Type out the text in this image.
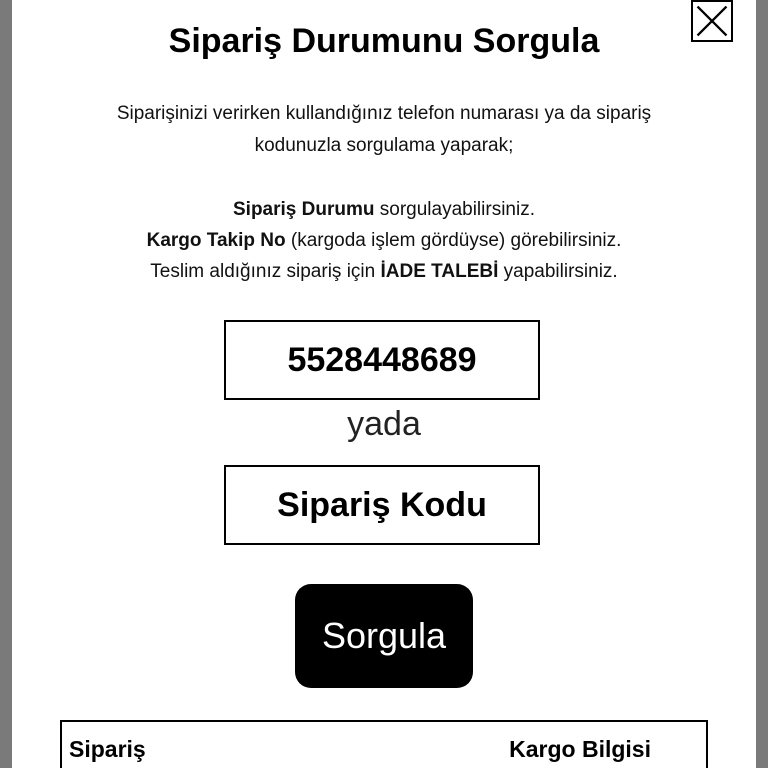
Sipariş Durumunu Sorgula
Siparişinizi verirken kullandığınız telefon numarası ya da sipariş kodunuzla sorgulama yaparak;
Sipariş Durumu sorgulayabilirsiniz.
Kargo Takip No (kargoda işlem gördüyse) görebilirsiniz.
Teslim aldığınız sipariş için İADE TALEBİ yapabilirsiniz.
5528448689
yada
Sipariş Kodu
Sorgula
Sipariş	Kargo Bilgisi
